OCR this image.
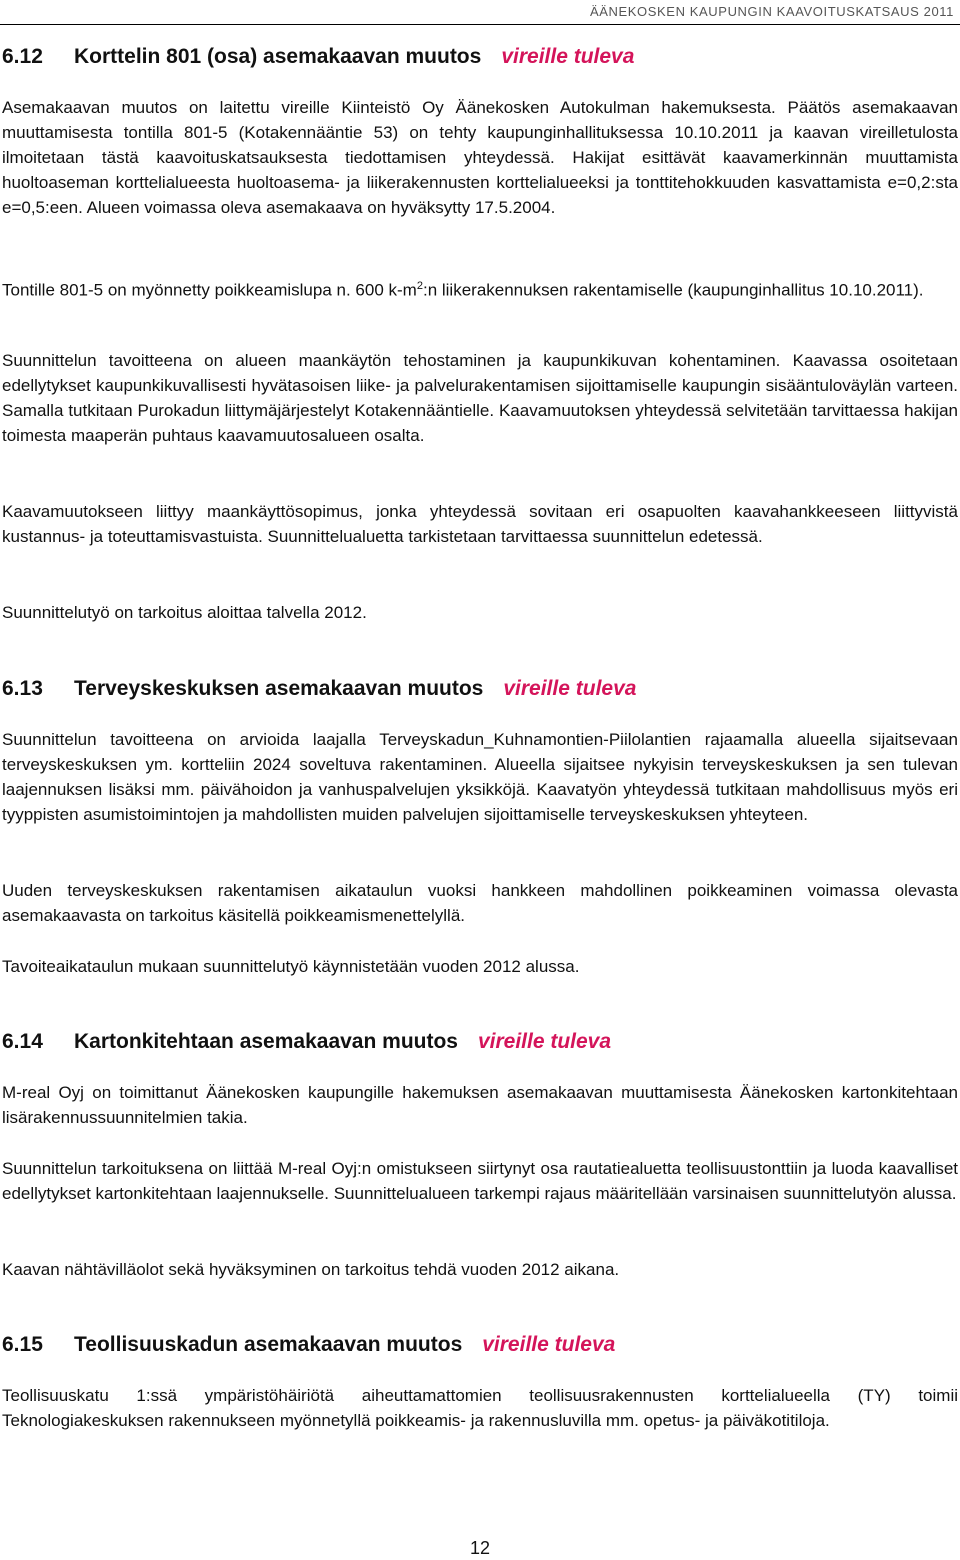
ÄÄNEKOSKEN KAUPUNGIN KAAVOITUSKATSAUS 2011
6.12 Korttelin 801 (osa) asemakaavan muutos vireille tuleva

Asemakaavan muutos on laitettu vireille Kiinteistö Oy Äänekosken Autokulman hakemuksesta. Päätös asemakaavan muuttamisesta tontilla 801-5 (Kotakennääntie 53) on tehty kaupunginhallituksessa 10.10.2011 ja kaavan vireilletulosta ilmoitetaan tästä kaavoituskatsauksesta tiedottamisen yhteydessä. Hakijat esittävät kaavamerkinnän muuttamista huoltoaseman korttelialueesta huoltoasema- ja liikerakennusten korttelialueeksi ja tonttitehokkuuden kasvattamista e=0,2:sta e=0,5:een. Alueen voimassa oleva asemakaava on hyväksytty 17.5.2004.

Tontille 801-5 on myönnetty poikkeamislupa n. 600 $k-m^2:n$ liikerakennuksen rakentamiselle (kaupunginhallitus 10.10.2011).

Suunnittelun tavoitteena on alueen maankäytön tehostaminen ja kaupunkikuvan kohentaminen. Kaavassa osoitetaan edellytykset kaupunkikuvallisesti hyvätasoisen liike- ja palvelurakentamisen sijoittamiselle kaupungin sisääntuloväylän varteen. Samalla tutkitaan Purokadun liittymäjärjestelyt Kotakennääntielle. Kaavamuutoksen yhteydessä selvitetään tarvittaessa hakijan toimesta maaperän puhtaus kaavamuutosalueen osalta.

Kaavamuutokseen liittyy maankäyttösopimus, jonka yhteydessä sovitaan eri osapuolten kaavahankkeeseen liittyvistä kustannus- ja toteuttamisvastuista. Suunnittelualuetta tarkistetaan tarvittaessa suunnittelun edetessä.

Suunnittelutyö on tarkoitus aloittaa talvella 2012.

6.13 Terveyskeskuksen asemakaavan muutos vireille tuleva

Suunnittelun tavoitteena on arvioida laajalla Terveyskadun_Kuhnamontien-Piilolantien rajaamalla alueella sijaitsevaan terveyskeskuksen ym. kortteliin 2024 soveltuva rakentaminen. Alueella sijaitsee nykyisin terveyskeskuksen ja sen tulevan laajennuksen lisäksi mm. päivähoidon ja vanhuspalvelujen yksikköjä. Kaavatyön yhteydessä tutkitaan mahdollisuus myös eri tyyppisten asumistoimintojen ja mahdollisten muiden palvelujen sijoittamiselle terveyskeskuksen yhteyteen.

Uuden terveyskeskuksen rakentamisen aikataulun vuoksi hankkeen mahdollinen poikkeaminen voimassa olevasta asemakaavasta on tarkoitus käsitellä poikkeamismenettelyllä.

Tavoiteaikataulun mukaan suunnittelutyö käynnistetään vuoden 2012 alussa.

6.14 Kartonkitehtaan asemakaavan muutos vireille tuleva

M-real Oyj on toimittanut Äänekosken kaupungille hakemuksen asemakaavan muuttamisesta Äänekosken kartonkitehtaan lisärakennussuunnitelmien takia.

Suunnittelun tarkoituksena on liittää M-real Oyj:n omistukseen siirtynyt osa rautatiealuetta teollisuustonttiin ja luoda kaavalliset edellytykset kartonkitehtaan laajennukselle. Suunnittelualueen tarkempi rajaus määritellään varsinaisen suunnittelutyön alussa.

Kaavan nähtävilläolot sekä hyväksyminen on tarkoitus tehdä vuoden 2012 aikana.

6.15 Teollisuuskadun asemakaavan muutos vireille tuleva

Teollisuuskatu 1:ssä ympäristöhäiriötä aiheuttamattomien teollisuusrakennusten korttelialueella (TY) toimii Teknologiakeskuksen rakennukseen myönnetyllä poikkeamis- ja rakennusluvilla mm. opetus- ja päiväkotitiloja.

12
